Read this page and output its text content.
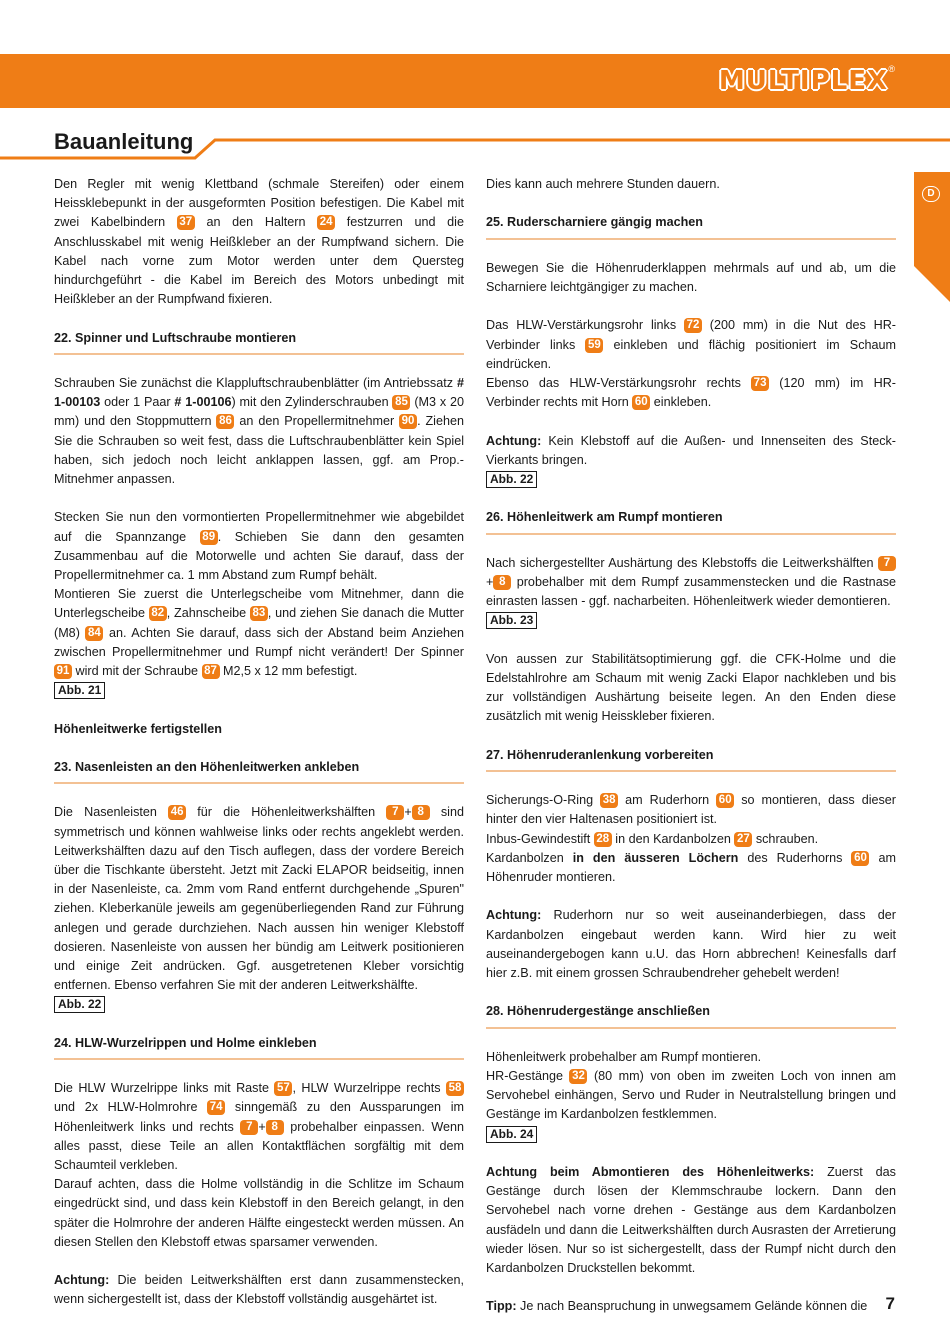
MULTIPLEX ®
Bauanleitung
D

Den Regler mit wenig Klettband (schmale Stereifen) oder einem Heissklebepunkt in der ausgeformten Position befestigen. Die Kabel mit zwei Kabelbindern 37 an den Haltern 24 festzurren und die Anschlusskabel mit wenig Heißkleber an der Rumpfwand sichern. Die Kabel nach vorne zum Motor werden unter dem Quersteg hindurchgeführt - die Kabel im Bereich des Motors unbedingt mit Heißkleber an der Rumpfwand fixieren.

22. Spinner und Luftschraube montieren

Schrauben Sie zunächst die Klappluftschraubenblätter (im Antriebssatz # 1-00103 oder 1 Paar # 1-00106) mit den Zylinderschrauben 85 (M3 x 20 mm) und den Stoppmuttern 86 an den Propellermitnehmer 90 . Ziehen Sie die Schrauben so weit fest, dass die Luftschraubenblätter kein Spiel haben, sich jedoch noch leicht anklappen lassen, ggf. am Prop.-Mitnehmer anpassen.

Stecken Sie nun den vormontierten Propellermitnehmer wie abgebildet auf die Spannzange 89 . Schieben Sie dann den gesamten Zusammenbau auf die Motorwelle und achten Sie darauf, dass der Propellermitnehmer ca. 1 mm Abstand zum Rumpf behält.

Montieren Sie zuerst die Unterlegscheibe vom Mitnehmer, dann die Unterlegscheibe 82 , Zahnscheibe 83 , und ziehen Sie danach die Mutter (M8) 84 an. Achten Sie darauf, dass sich der Abstand beim Anziehen zwischen Propellermitnehmer und Rumpf nicht verändert! Der Spinner 91 wird mit der Schraube 87 M2,5 x 12 mm befestigt.

Abb. 21

Höhenleitwerke fertigstellen
23. Nasenleisten an den Höhenleitwerken ankleben

Die Nasenleisten 46 für die Höhenleitwerkshälften 7 + 8 sind symmetrisch und können wahlweise links oder rechts angeklebt werden. Leitwerkshälften dazu auf den Tisch auflegen, dass der vordere Bereich über die Tischkante übersteht. Jetzt mit Zacki ELAPOR beidseitig, innen in der Nasenleiste, ca. 2mm vom Rand entfernt durchgehende „Spuren" ziehen. Kleberkanüle jeweils am gegenüberliegenden Rand zur Führung anlegen und gerade durchziehen. Nach aussen hin weniger Klebstoff dosieren. Nasenleiste von aussen her bündig am Leitwerk positionieren und einige Zeit andrücken. Ggf. ausgetretenen Kleber vorsichtig entfernen. Ebenso verfahren Sie mit der anderen Leitwerkshälfte.

Abb. 22

24. HLW-Wurzelrippen und Holme einkleben

Die HLW Wurzelrippe links mit Raste 57 , HLW Wurzelrippe rechts 58 und 2x HLW-Holmrohre 74 sinngemäß zu den Aussparungen im Höhenleitwerk links und rechts 7 + 8 probehalber einpassen. Wenn alles passt, diese Teile an allen Kontaktflächen sorgfältig mit dem Schaumteil verkleben.

Darauf achten, dass die Holme vollständig in die Schlitze im Schaum eingedrückt sind, und dass kein Klebstoff in den Bereich gelangt, in den später die Holmrohre der anderen Hälfte eingesteckt werden müssen. An diesen Stellen den Klebstoff etwas sparsamer verwenden.

Achtung: Die beiden Leitwerkshälften erst dann zusammenstecken, wenn sichergestellt ist, dass der Klebstoff vollständig ausgehärtet ist.

Dies kann auch mehrere Stunden dauern.

25. Ruderscharniere gängig machen

Bewegen Sie die Höhenruderklappen mehrmals auf und ab, um die Scharniere leichtgängiger zu machen.

Das HLW-Verstärkungsrohr links 72 (200 mm) in die Nut des HR-Verbinder links 59 einkleben und flächig positioniert im Schaum eindrücken.

Ebenso das HLW-Verstärkungsrohr rechts 73 (120 mm) im HR-Verbinder rechts mit Horn 60 einkleben.

Achtung: Kein Klebstoff auf die Außen- und Innenseiten des Steck-Vierkants bringen.

Abb. 22

26. Höhenleitwerk am Rumpf montieren

Nach sichergestellter Aushärtung des Klebstoffs die Leitwerkshälften 7+ 8 probehalber mit dem Rumpf zusammenstecken und die Rastnase einrasten lassen - ggf. nacharbeiten. Höhenleitwerk wieder demontieren.

Abb. 23

Von aussen zur Stabilitätsoptimierung ggf. die CFK-Holme und die Edelstahlrohre am Schaum mit wenig Zacki Elapor nachkleben und bis zur vollständigen Aushärtung beiseite legen. An den Enden diese zusätzlich mit wenig Heisskleber fixieren.

27. Höhenruderanlenkung vorbereiten

Sicherungs-O-Ring 38 am Ruderhorn 60 so montieren, dass dieser hinter den vier Haltenasen positioniert ist.

Inbus-Gewindestift 28 in den Kardanbolzen 27 schrauben.

Kardanbolzen in den äusseren Löchern des Ruderhorns 60 am Höhenruder montieren.

Achtung: Ruderhorn nur so weit auseinanderbiegen, dass der Kardanbolzen eingebaut werden kann. Wird hier zu weit auseinandergebogen kann u.U. das Horn abbrechen! Keinesfalls darf hier z.B. mit einem grossen Schraubendreher gehebelt werden!

28. Höhenrudergestänge anschließen

Höhenleitwerk probehalber am Rumpf montieren.

HR-Gestänge 32 (80 mm) von oben im zweiten Loch von innen am Servohebel einhängen, Servo und Ruder in Neutralstellung bringen und Gestänge im Kardanbolzen festklemmen.

Abb. 24

Achtung beim Abmontieren des Höhenleitwerks: Zuerst das Gestänge durch lösen der Klemmschraube lockern. Dann den Servohebel nach vorne drehen - Gestänge aus dem Kardanbolzen ausfädeln und dann die Leitwerkshälften durch Ausrasten der Arretierung wieder lösen. Nur so ist sichergestellt, dass der Rumpf nicht durch den Kardanbolzen Druckstellen bekommt.

Tipp: Je nach Beanspruchung in unwegsamem Gelände können die	7
